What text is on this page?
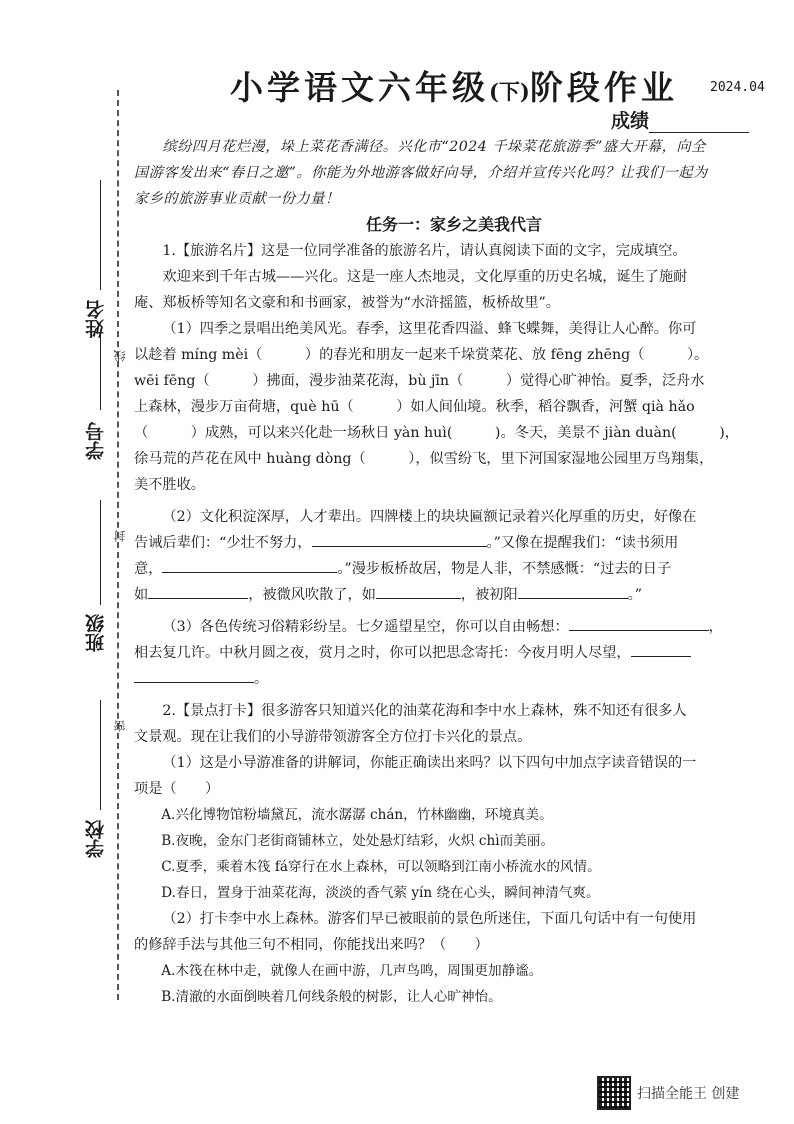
姓名
学号
班级
学校
线
封
密
小学语文六年级(下)阶段作业 2024.04
成绩

缤纷四月花烂漫，垛上菜花香满径。兴化市“2024 千垛菜花旅游季”盛大开幕，向全

国游客发出来“春日之邀”。你能为外地游客做好向导，介绍并宣传兴化吗？让我们一起为

家乡的旅游事业贡献一份力量！

任务一：家乡之美我代言

1.【旅游名片】这是一位同学准备的旅游名片，请认真阅读下面的文字，完成填空。

欢迎来到千年古城——兴化。这是一座人杰地灵，文化厚重的历史名城，诞生了施耐

庵、郑板桥等知名文豪和和书画家，被誉为“水浒摇篮，板桥故里”。

（1）四季之景唱出绝美风光。春季，这里花香四溢、蜂飞蝶舞，美得让人心醉。你可

以趁着 míng mèi（　　　）的春光和朋友一起来千垛赏菜花、放 fēng zhēng（　　　）。

wēi fēng（　　　）拂面，漫步油菜花海，bù jīn（　　　）觉得心旷神怡。夏季，泛舟水

上森林，漫步万亩荷塘，què hū（　　　）如人间仙境。秋季，稻谷飘香，河蟹 qià hǎo

（　　　）成熟，可以来兴化赴一场秋日 yàn huì(　　　)。冬天，美景不 jiàn duàn(　　　)，

徐马荒的芦花在风中 huàng dòng（　　　），似雪纷飞，里下河国家湿地公园里万鸟翔集，

美不胜收。

（2）文化积淀深厚，人才辈出。四牌楼上的块块匾额记录着兴化厚重的历史，好像在

告诫后辈们：“少壮不努力，	。”又像在提醒我们：“读书须用

意，	。”漫步板桥故居，物是人非，不禁感慨：“过去的日子

如	，被微风吹散了，如	，被初阳	。”

（3）各色传统习俗精彩纷呈。七夕遥望星空，你可以自由畅想：	，

相去复几许。中秋月圆之夜，赏月之时，你可以把思念寄托：今夜月明人尽望，

。

2.【景点打卡】很多游客只知道兴化的油菜花海和李中水上森林，殊不知还有很多人

文景观。现在让我们的小导游带领游客全方位打卡兴化的景点。

（1）这是小导游准备的讲解词，你能正确读出来吗？以下四句中加点字读音错误的一

项是（　　）

A.兴化博物馆粉墙黛瓦，流水潺潺 chán，竹林幽幽，环境真美。

B.夜晚，金东门老街商铺林立，处处悬灯结彩，火炽 chì而美丽。

C.夏季，乘着木筏 fá穿行在水上森林，可以领略到江南小桥流水的风情。

D.春日，置身于油菜花海，淡淡的香气萦 yín 绕在心头，瞬间神清气爽。

（2）打卡李中水上森林。游客们早已被眼前的景色所迷住，下面几句话中有一句使用

的修辞手法与其他三句不相同，你能找出来吗？（　　）

A.木筏在林中走，就像人在画中游，几声鸟鸣，周围更加静谧。

B.清澈的水面倒映着几何线条般的树影，让人心旷神怡。

扫描全能王 创建
